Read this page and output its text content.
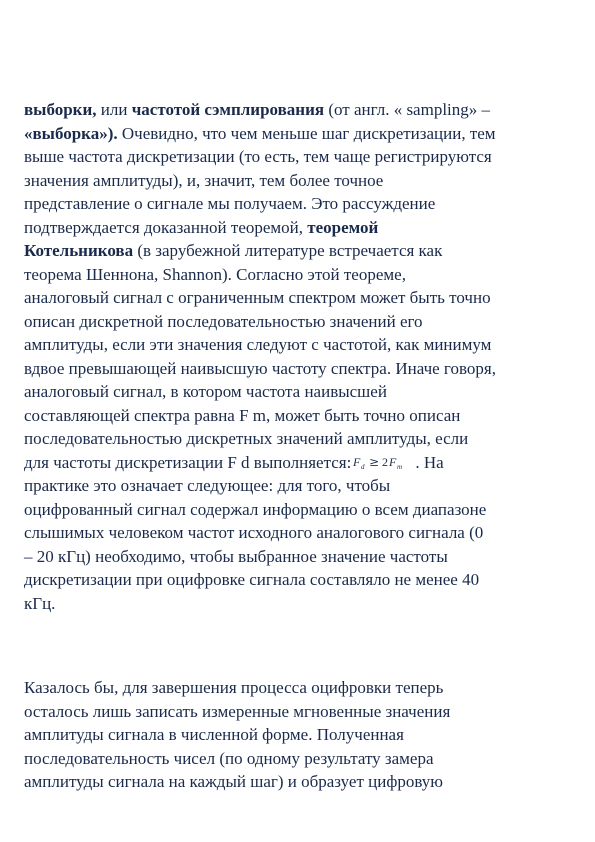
выборки, или частотой сэмплирования (от англ. « sampling» –
«выборка»). Очевидно, что чем меньше шаг дискретизации, тем
выше частота дискретизации (то есть, тем чаще регистрируются
значения амплитуды), и, значит, тем более точное
представление о сигнале мы получаем. Это рассуждение
подтверждается доказанной теоремой, теоремой
Котельникова (в зарубежной литературе встречается как
теорема Шеннона, Shannon). Согласно этой теореме,
аналоговый сигнал с ограниченным спектром может быть точно
описан дискретной последовательностью значений его
амплитуды, если эти значения следуют с частотой, как минимум
вдвое превышающей наивысшую частоту спектра. Иначе говоря,
аналоговый сигнал, в котором частота наивысшей
составляющей спектра равна F m, может быть точно описан
последовательностью дискретных значений амплитуды, если
для частоты дискретизации F d выполняется: F d ≥ 2 F m . На
практике это означает следующее: для того, чтобы
оцифрованный сигнал содержал информацию о всем диапазоне
слышимых человеком частот исходного аналогового сигнала (0
– 20 кГц) необходимо, чтобы выбранное значение частоты
дискретизации при оцифровке сигнала составляло не менее 40
кГц.

Казалось бы, для завершения процесса оцифровки теперь
осталось лишь записать измеренные мгновенные значения
амплитуды сигнала в численной форме. Полученная
последовательность чисел (по одному результату замера
амплитуды сигнала на каждый шаг) и образует цифровую
